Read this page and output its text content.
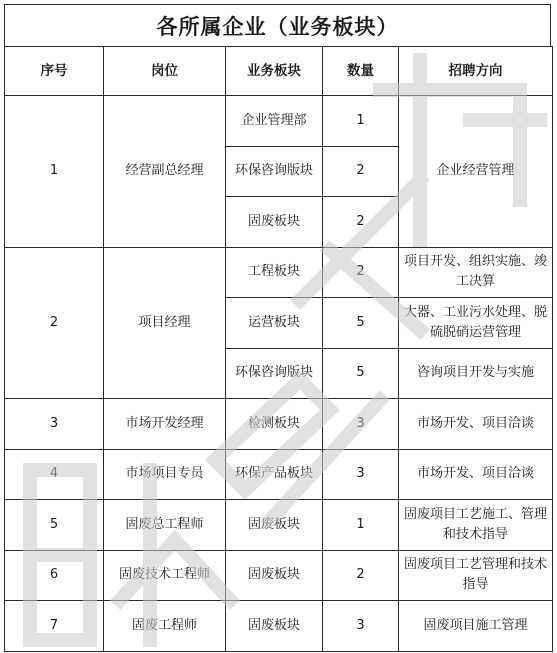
各所属企业（业务板块）
序号	岗位	业务板块	数量	招聘方向
1	经营副总经理	企业管理部	1	企业经营管理
		环保咨询版块	2	
		固废板块	2	
2	项目经理	工程板块	2	项目开发、组织实施、竣工决算
		运营板块	5	大器、工业污水处理、脱硫脱硝运营管理
		环保咨询版块	5	咨询项目开发与实施
3	市场开发经理	检测板块	3	市场开发、项目洽谈
4	市场项目专员	环保产品板块	3	市场开发、项目洽谈
5	固废总工程师	固废板块	1	固废项目工艺施工、管理和技术指导
6	固废技术工程师	固废板块	2	固废项目工艺管理和技术指导
7	固废工程师	固废板块	3	固废项目施工管理
